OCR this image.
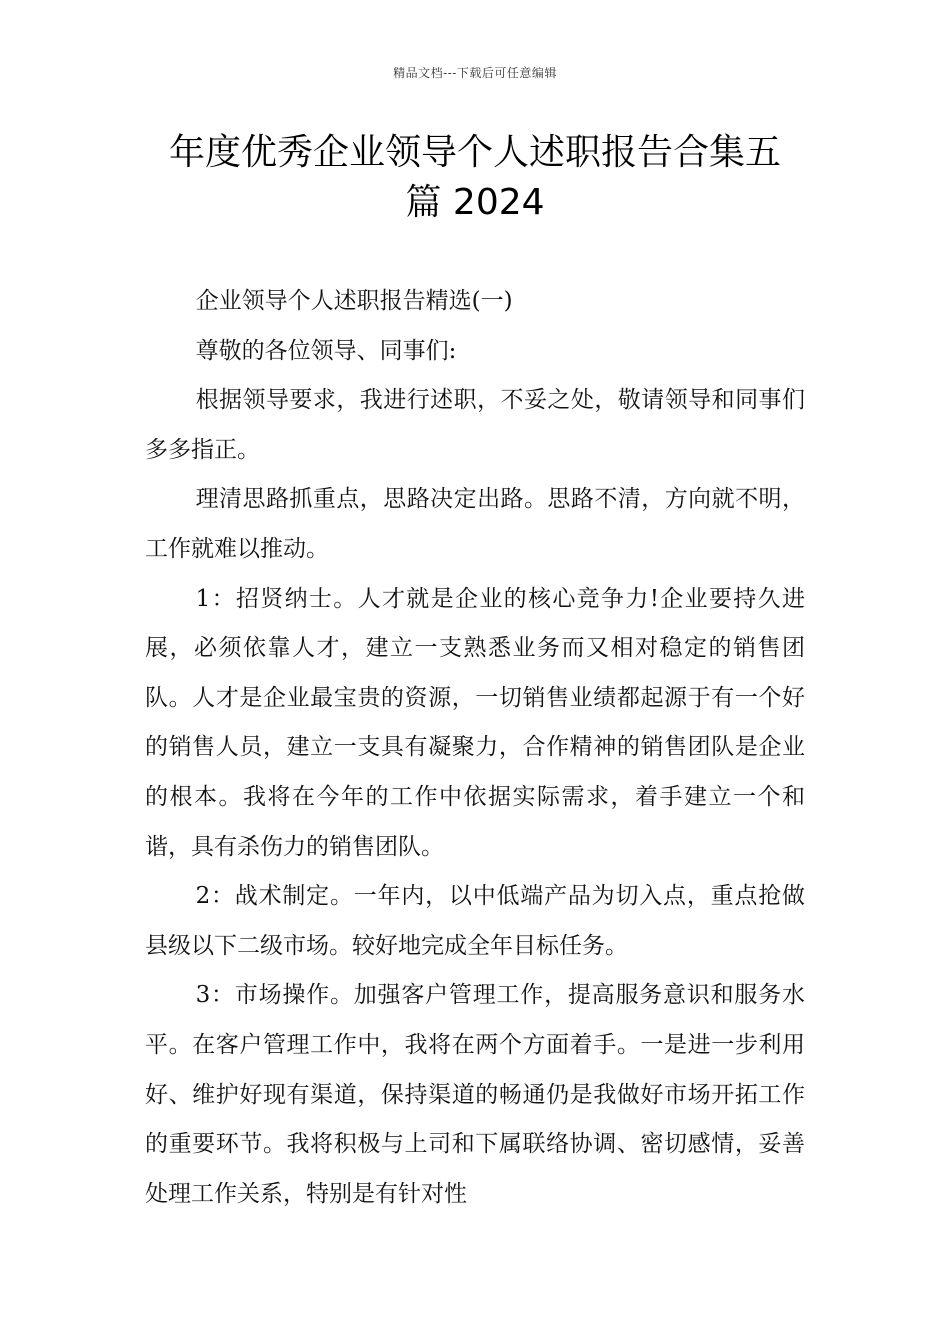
精品文档---下载后可任意编辑
年度优秀企业领导个人述职报告合集五
篇 2024

企业领导个人述职报告精选(一)

尊敬的各位领导、同事们:

根据领导要求，我进行述职，不妥之处，敬请领导和同事们多多指正。

理清思路抓重点，思路决定出路。思路不清，方向就不明，工作就难以推动。

1：招贤纳士。人才就是企业的核心竞争力!企业要持久进展，必须依靠人才，建立一支熟悉业务而又相对稳定的销售团队。人才是企业最宝贵的资源，一切销售业绩都起源于有一个好的销售人员，建立一支具有凝聚力，合作精神的销售团队是企业的根本。我将在今年的工作中依据实际需求，着手建立一个和谐，具有杀伤力的销售团队。

2：战术制定。一年内，以中低端产品为切入点，重点抢做县级以下二级市场。较好地完成全年目标任务。

3：市场操作。加强客户管理工作，提高服务意识和服务水平。在客户管理工作中，我将在两个方面着手。一是进一步利用好、维护好现有渠道，保持渠道的畅通仍是我做好市场开拓工作的重要环节。我将积极与上司和下属联络协调、密切感情，妥善处理工作关系，特别是有针对性
